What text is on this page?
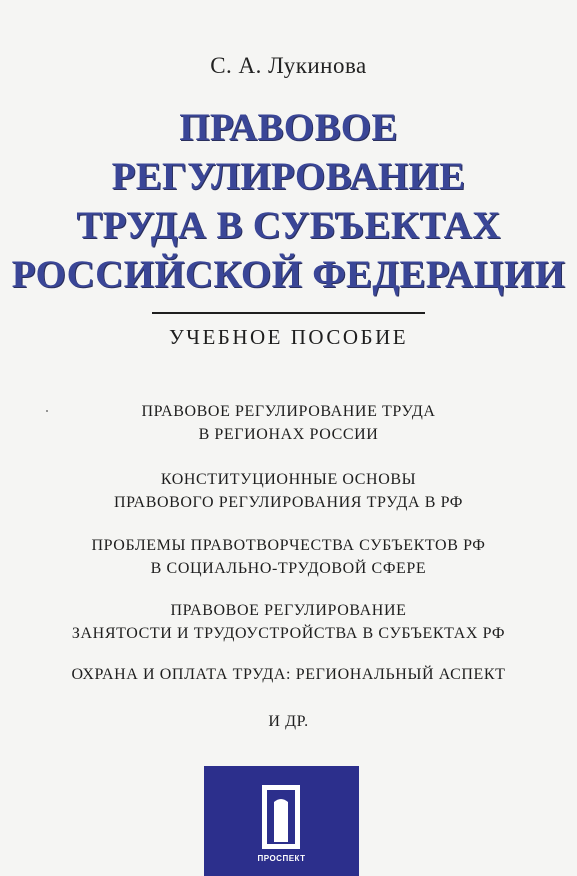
С. А. Лукинова
ПРАВОВОЕ
РЕГУЛИРОВАНИЕ
ТРУДА В СУБЪЕКТАХ
РОССИЙСКОЙ ФЕДЕРАЦИИ
УЧЕБНОЕ ПОСОБИЕ
ПРАВОВОЕ РЕГУЛИРОВАНИЕ ТРУДА
В РЕГИОНАХ РОССИИ
КОНСТИТУЦИОННЫЕ ОСНОВЫ
ПРАВОВОГО РЕГУЛИРОВАНИЯ ТРУДА В РФ
ПРОБЛЕМЫ ПРАВОТВОРЧЕСТВА СУБЪЕКТОВ РФ
В СОЦИАЛЬНО-ТРУДОВОЙ СФЕРЕ
ПРАВОВОЕ РЕГУЛИРОВАНИЕ
ЗАНЯТОСТИ И ТРУДОУСТРОЙСТВА В СУБЪЕКТАХ РФ
ОХРАНА И ОПЛАТА ТРУДА: РЕГИОНАЛЬНЫЙ АСПЕКТ
И ДР.
ПРОСПЕКТ
